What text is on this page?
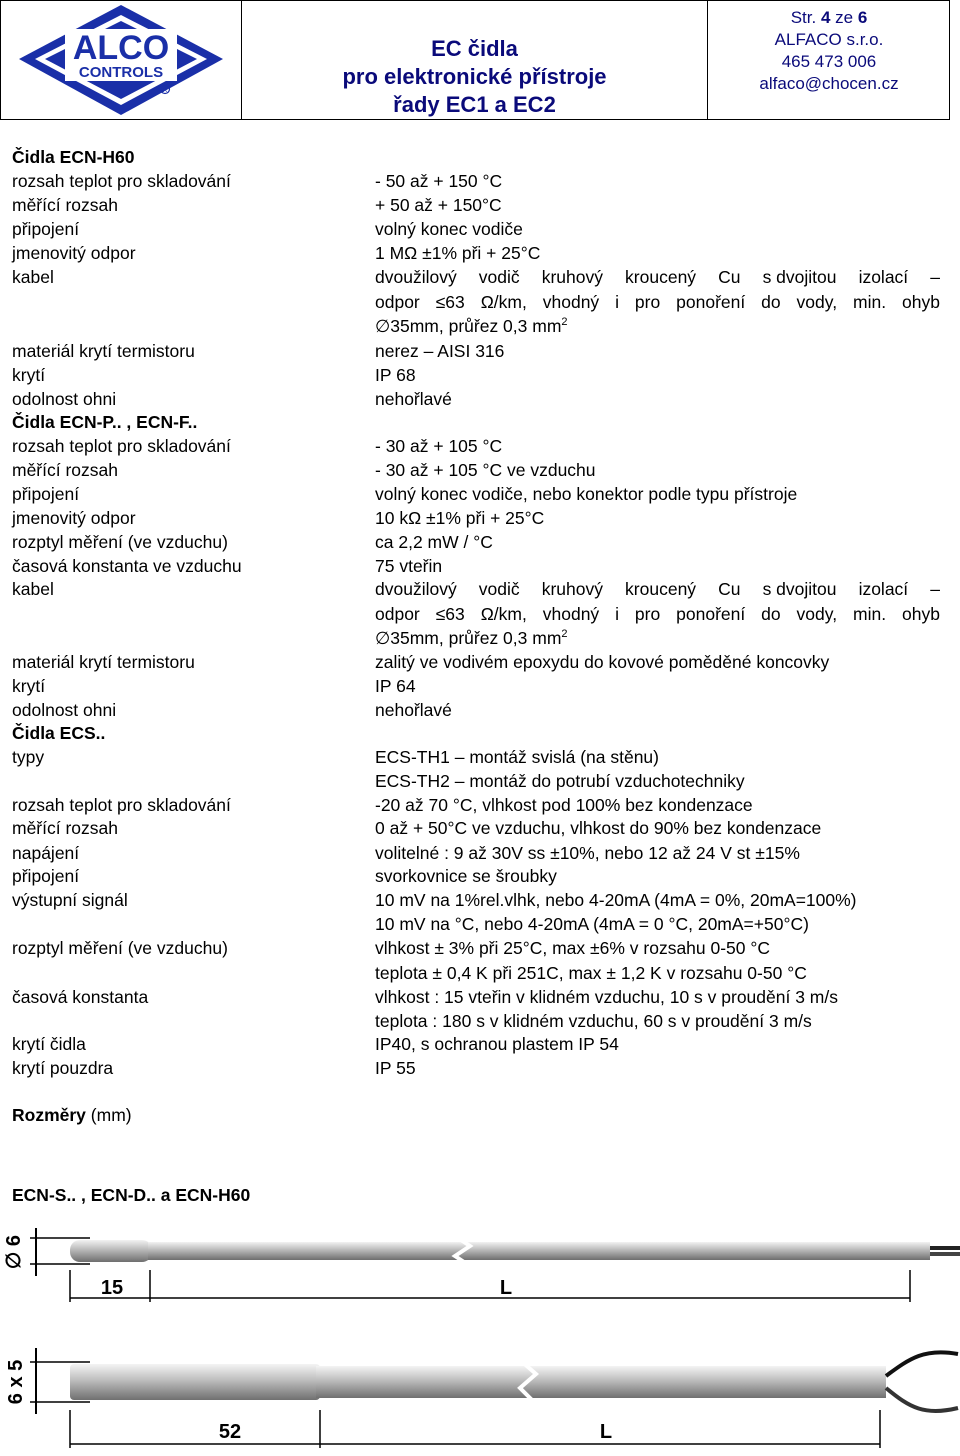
ALCO
CONTROLS
R
EC čidla
pro elektronické přístroje
řady EC1 a EC2
Str. 4 ze 6
ALFACO s.r.o.
465 473 006
alfaco@chocen.cz
Čidla ECN-H60
rozsah teplot pro skladování	- 50 až + 150 °C
měřící rozsah	+ 50 až + 150°C
připojení	volný konec vodiče
jmenovitý odpor	1 MΩ ±1% při + 25°C
kabel	dvoužilový vodič kruhový kroucený Cu s dvojitou izolací –
odpor ≤63 Ω/km, vhodný i pro ponoření do vody, min. ohyb
∅35mm, průřez 0,3 $mm^2$
materiál krytí termistoru	nerez – AISI 316
krytí	IP 68
odolnost ohni	nehořlavé
Čidla ECN-P.. , ECN-F..
rozsah teplot pro skladování	- 30 až + 105 °C
měřící rozsah	- 30 až + 105 °C ve vzduchu
připojení	volný konec vodiče, nebo konektor podle typu přístroje
jmenovitý odpor	10 kΩ ±1% při + 25°C
rozptyl měření (ve vzduchu)	ca 2,2 mW / °C
časová konstanta ve vzduchu	75 vteřin
kabel	dvoužilový vodič kruhový kroucený Cu s dvojitou izolací –
odpor ≤63 Ω/km, vhodný i pro ponoření do vody, min. ohyb
∅35mm, průřez 0,3 $mm^2$
materiál krytí termistoru	zalitý ve vodivém epoxydu do kovové poměděné koncovky
krytí	IP 64
odolnost ohni	nehořlavé
Čidla ECS..
typy	ECS-TH1 – montáž svislá (na stěnu)
ECS-TH2 – montáž do potrubí vzduchotechniky
rozsah teplot pro skladování	-20 až 70 °C, vlhkost pod 100% bez kondenzace
měřící rozsah	0 až + 50°C ve vzduchu, vlhkost do 90% bez kondenzace
napájení	volitelné : 9 až 30V ss ±10%, nebo 12 až 24 V st ±15%
připojení	svorkovnice se šroubky
výstupní signál	10 mV na 1%rel.vlhk, nebo 4-20mA (4mA = 0%, 20mA=100%)
10 mV na °C, nebo 4-20mA (4mA = 0 °C, 20mA=+50°C)
rozptyl měření (ve vzduchu)	vlhkost ± 3% při 25°C, max ±6% v rozsahu 0-50 °C
teplota ± 0,4 K při 251C, max ± 1,2 K v rozsahu 0-50 °C
časová konstanta	vlhkost : 15 vteřin v klidném vzduchu, 10 s v proudění 3 m/s
teplota : 180 s v klidném vzduchu, 60 s v proudění 3 m/s
krytí čidla	IP40, s ochranou plastem IP 54
krytí pouzdra	IP 55
Rozměry (mm)
ECN-S.. , ECN-D.. a ECN-H60
∅ 6
15	L
6 x 5
52	L
